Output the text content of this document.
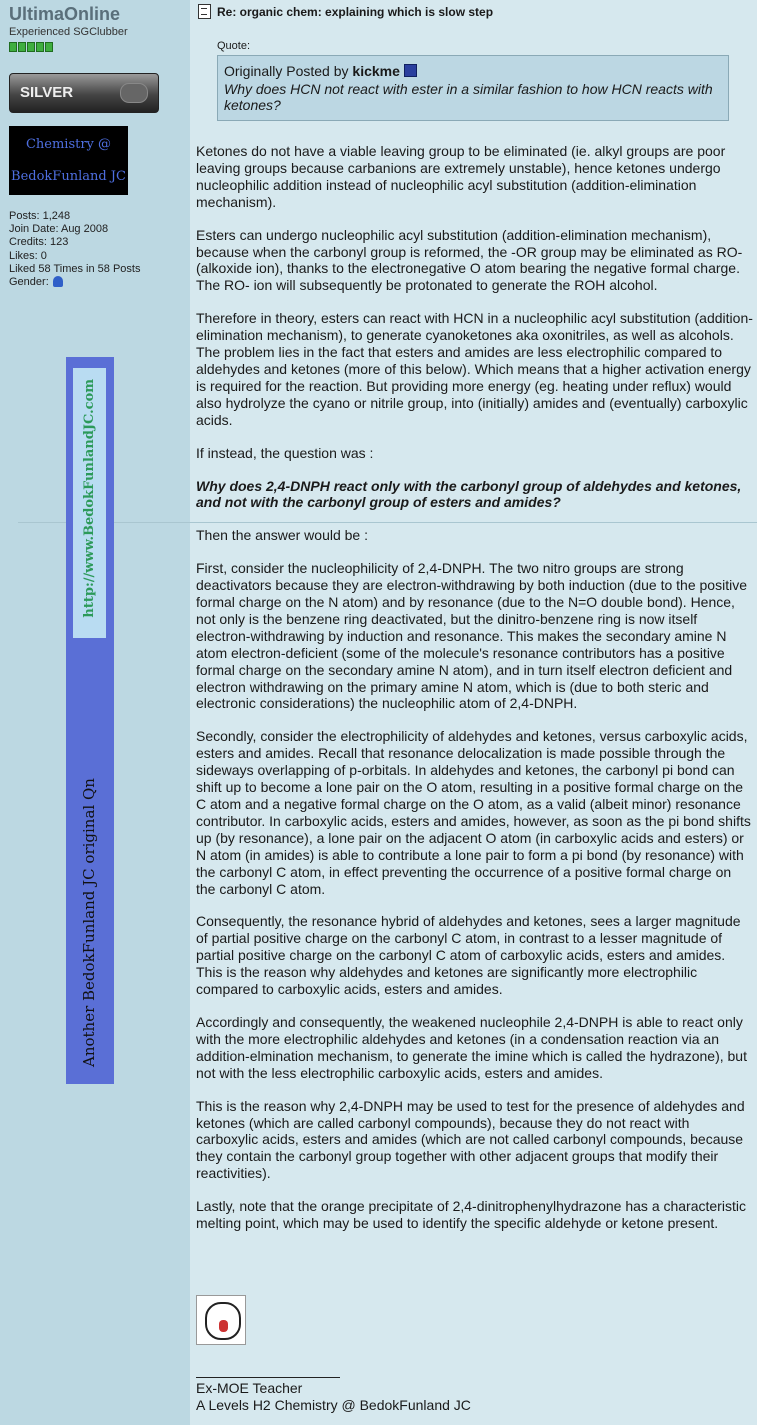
UltimaOnline
Experienced SGClubber
SILVER
Chemistry @
BedokFunland JC
Posts: 1,248
Join Date: Aug 2008
Credits: 123
Likes: 0
Liked 58 Times in 58 Posts
Gender:
http://www.BedokFunlandJC.com
Another BedokFunland JC original Qn
Re: organic chem: explaining which is slow step
Quote:
Originally Posted by kickme
Why does HCN not react with ester in a similar fashion to how HCN reacts with ketones?

Ketones do not have a viable leaving group to be eliminated (ie. alkyl groups are poor leaving groups because carbanions are extremely unstable), hence ketones undergo nucleophilic addition instead of nucleophilic acyl substitution (addition-elimination mechanism).

Esters can undergo nucleophilic acyl substitution (addition-elimination mechanism), because when the carbonyl group is reformed, the -OR group may be eliminated as RO- (alkoxide ion), thanks to the electronegative O atom bearing the negative formal charge. The RO- ion will subsequently be protonated to generate the ROH alcohol.

Therefore in theory, esters can react with HCN in a nucleophilic acyl substitution (addition-elimination mechanism), to generate cyanoketones aka oxonitriles, as well as alcohols. The problem lies in the fact that esters and amides are less electrophilic compared to aldehydes and ketones (more of this below). Which means that a higher activation energy is required for the reaction. But providing more energy (eg. heating under reflux) would also hydrolyze the cyano or nitrile group, into (initially) amides and (eventually) carboxylic acids.

If instead, the question was :

Why does 2,4-DNPH react only with the carbonyl group of aldehydes and ketones, and not with the carbonyl group of esters and amides?

Then the answer would be :

First, consider the nucleophilicity of 2,4-DNPH. The two nitro groups are strong deactivators because they are electron-withdrawing by both induction (due to the positive formal charge on the N atom) and by resonance (due to the N=O double bond). Hence, not only is the benzene ring deactivated, but the dinitro-benzene ring is now itself electron-withdrawing by induction and resonance. This makes the secondary amine N atom electron-deficient (some of the molecule's resonance contributors has a positive formal charge on the secondary amine N atom), and in turn itself electron deficient and electron withdrawing on the primary amine N atom, which is (due to both steric and electronic considerations) the nucleophilic atom of 2,4-DNPH.

Secondly, consider the electrophilicity of aldehydes and ketones, versus carboxylic acids, esters and amides. Recall that resonance delocalization is made possible through the sideways overlapping of p-orbitals. In aldehydes and ketones, the carbonyl pi bond can shift up to become a lone pair on the O atom, resulting in a positive formal charge on the C atom and a negative formal charge on the O atom, as a valid (albeit minor) resonance contributor. In carboxylic acids, esters and amides, however, as soon as the pi bond shifts up (by resonance), a lone pair on the adjacent O atom (in carboxylic acids and esters) or N atom (in amides) is able to contribute a lone pair to form a pi bond (by resonance) with the carbonyl C atom, in effect preventing the occurrence of a positive formal charge on the carbonyl C atom.

Consequently, the resonance hybrid of aldehydes and ketones, sees a larger magnitude of partial positive charge on the carbonyl C atom, in contrast to a lesser magnitude of partial positive charge on the carbonyl C atom of carboxylic acids, esters and amides. This is the reason why aldehydes and ketones are significantly more electrophilic compared to carboxylic acids, esters and amides.

Accordingly and consequently, the weakened nucleophile 2,4-DNPH is able to react only with the more electrophilic aldehydes and ketones (in a condensation reaction via an addition-elmination mechanism, to generate the imine which is called the hydrazone), but not with the less electrophilic carboxylic acids, esters and amides.

This is the reason why 2,4-DNPH may be used to test for the presence of aldehydes and ketones (which are called carbonyl compounds), because they do not react with carboxylic acids, esters and amides (which are not called carbonyl compounds, because they contain the carbonyl group together with other adjacent groups that modify their reactivities).

Lastly, note that the orange precipitate of 2,4-dinitrophenylhydrazone has a characteristic melting point, which may be used to identify the specific aldehyde or ketone present.

Ex-MOE Teacher
A Levels H2 Chemistry @ BedokFunland JC
